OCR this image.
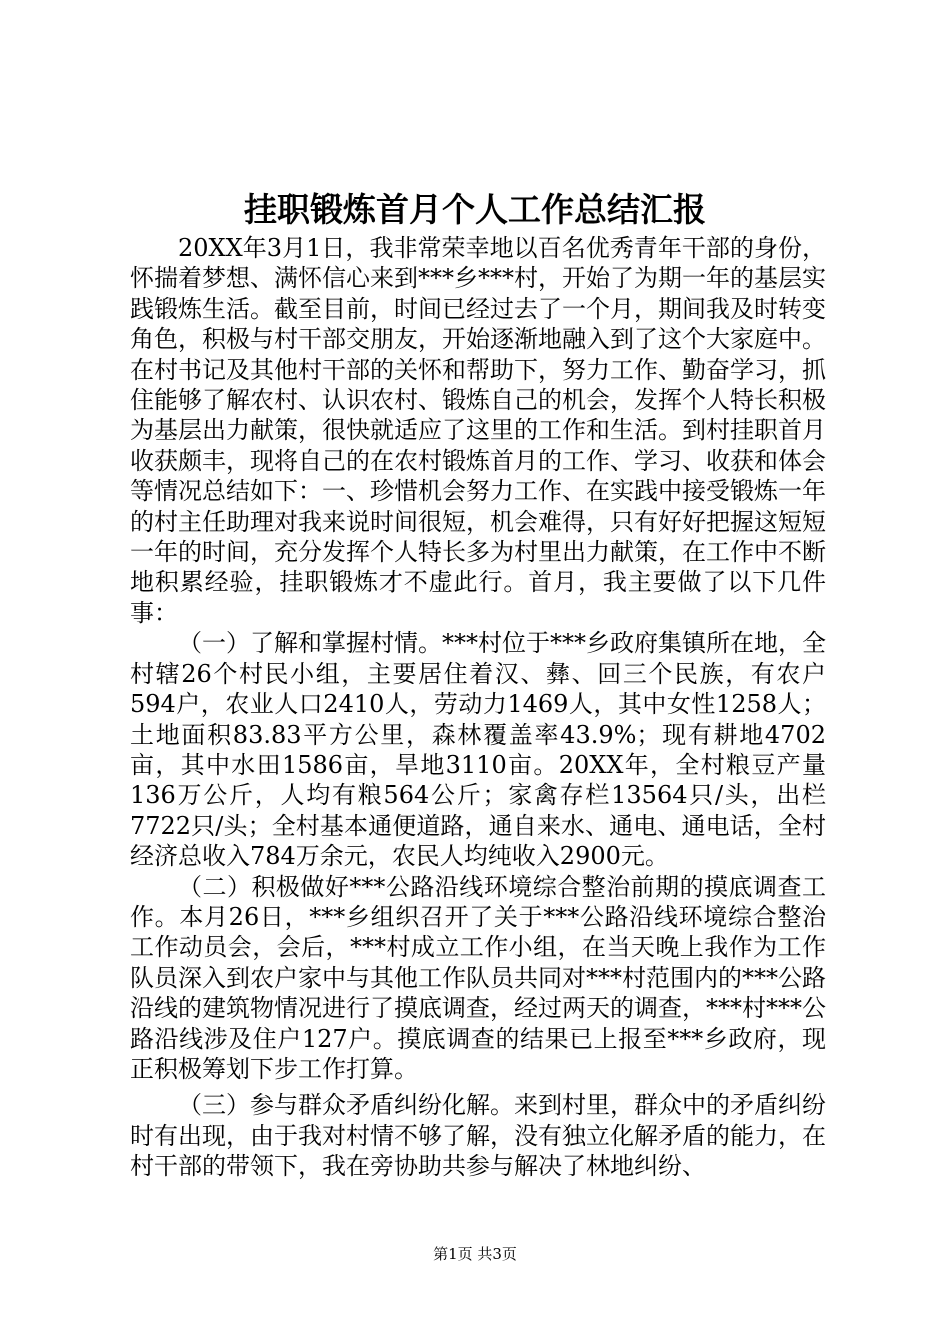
挂职锻炼首月个人工作总结汇报

20XX年3月1日，我非常荣幸地以百名优秀青年干部的身份，怀揣着梦想、满怀信心来到***乡***村，开始了为期一年的基层实践锻炼生活。截至目前，时间已经过去了一个月，期间我及时转变角色，积极与村干部交朋友，开始逐渐地融入到了这个大家庭中。在村书记及其他村干部的关怀和帮助下，努力工作、勤奋学习，抓住能够了解农村、认识农村、锻炼自己的机会，发挥个人特长积极为基层出力献策，很快就适应了这里的工作和生活。到村挂职首月收获颇丰，现将自己的在农村锻炼首月的工作、学习、收获和体会等情况总结如下：一、珍惜机会努力工作、在实践中接受锻炼一年的村主任助理对我来说时间很短，机会难得，只有好好把握这短短一年的时间，充分发挥个人特长多为村里出力献策，在工作中不断地积累经验，挂职锻炼才不虚此行。首月，我主要做了以下几件事：

（一）了解和掌握村情。***村位于***乡政府集镇所在地，全村辖26个村民小组，主要居住着汉、彝、回三个民族，有农户594户，农业人口2410人，劳动力1469人，其中女性1258人；土地面积83.83平方公里，森林覆盖率43.9%；现有耕地4702亩，其中水田1586亩，旱地3110亩。20XX年，全村粮豆产量136万公斤，人均有粮564公斤；家禽存栏13564只/头，出栏7722只/头；全村基本通便道路，通自来水、通电、通电话，全村经济总收入784万余元，农民人均纯收入2900元。

（二）积极做好***公路沿线环境综合整治前期的摸底调查工作。本月26日，***乡组织召开了关于***公路沿线环境综合整治工作动员会，会后，***村成立工作小组，在当天晚上我作为工作队员深入到农户家中与其他工作队员共同对***村范围内的***公路沿线的建筑物情况进行了摸底调查，经过两天的调查，***村***公路沿线涉及住户127户。摸底调查的结果已上报至***乡政府，现正积极筹划下步工作打算。

（三）参与群众矛盾纠纷化解。来到村里，群众中的矛盾纠纷时有出现，由于我对村情不够了解，没有独立化解矛盾的能力，在村干部的带领下，我在旁协助共参与解决了林地纠纷、

第1页 共3页
